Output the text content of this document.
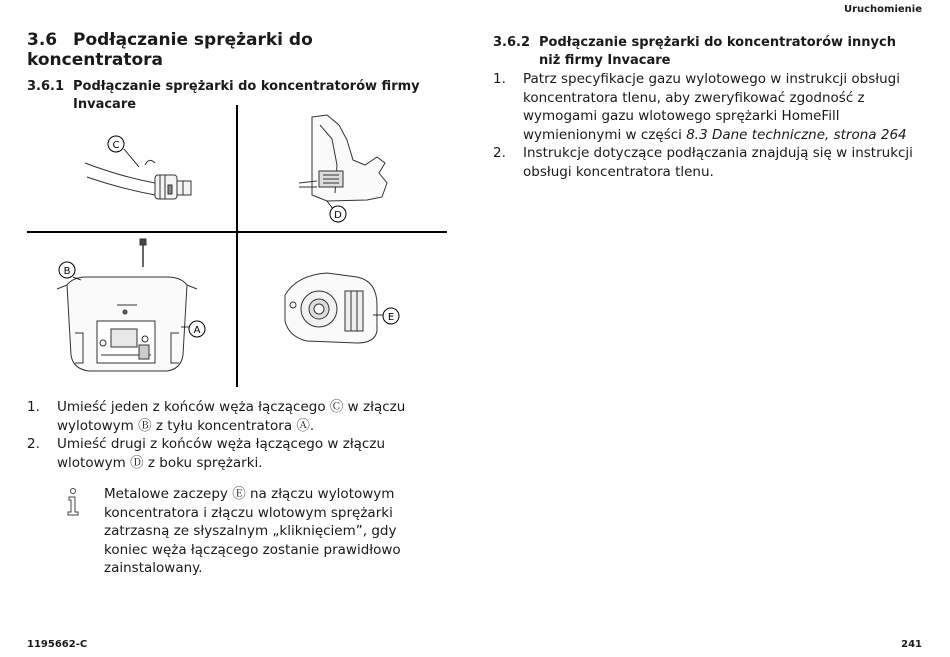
Uruchomienie
3.6 Podłączanie sprężarki do koncentratora
3.6.1 Podłączanie sprężarki do koncentratorów firmy Invacare
C
D
B
A
E
1. Umieść jeden z końców węża łączącego Ⓒ w złączu wylotowym Ⓑ z tyłu koncentratora Ⓐ.
2. Umieść drugi z końców węża łączącego w złączu wlotowym Ⓓ z boku sprężarki.
Metalowe zaczepy Ⓔ na złączu wylotowym koncentratora i złączu wlotowym sprężarki zatrzasną ze słyszalnym „kliknięciem”, gdy koniec węża łączącego zostanie prawidłowo zainstalowany.
3.6.2 Podłączanie sprężarki do koncentratorów innych niż firmy Invacare
1. Patrz specyfikacje gazu wylotowego w instrukcji obsługi koncentratora tlenu, aby zweryfikować zgodność z wymogami gazu wlotowego sprężarki HomeFill wymienionymi w części 8.3 Dane techniczne, strona 264
2. Instrukcje dotyczące podłączania znajdują się w instrukcji obsługi koncentratora tlenu.
1195662-C	241
